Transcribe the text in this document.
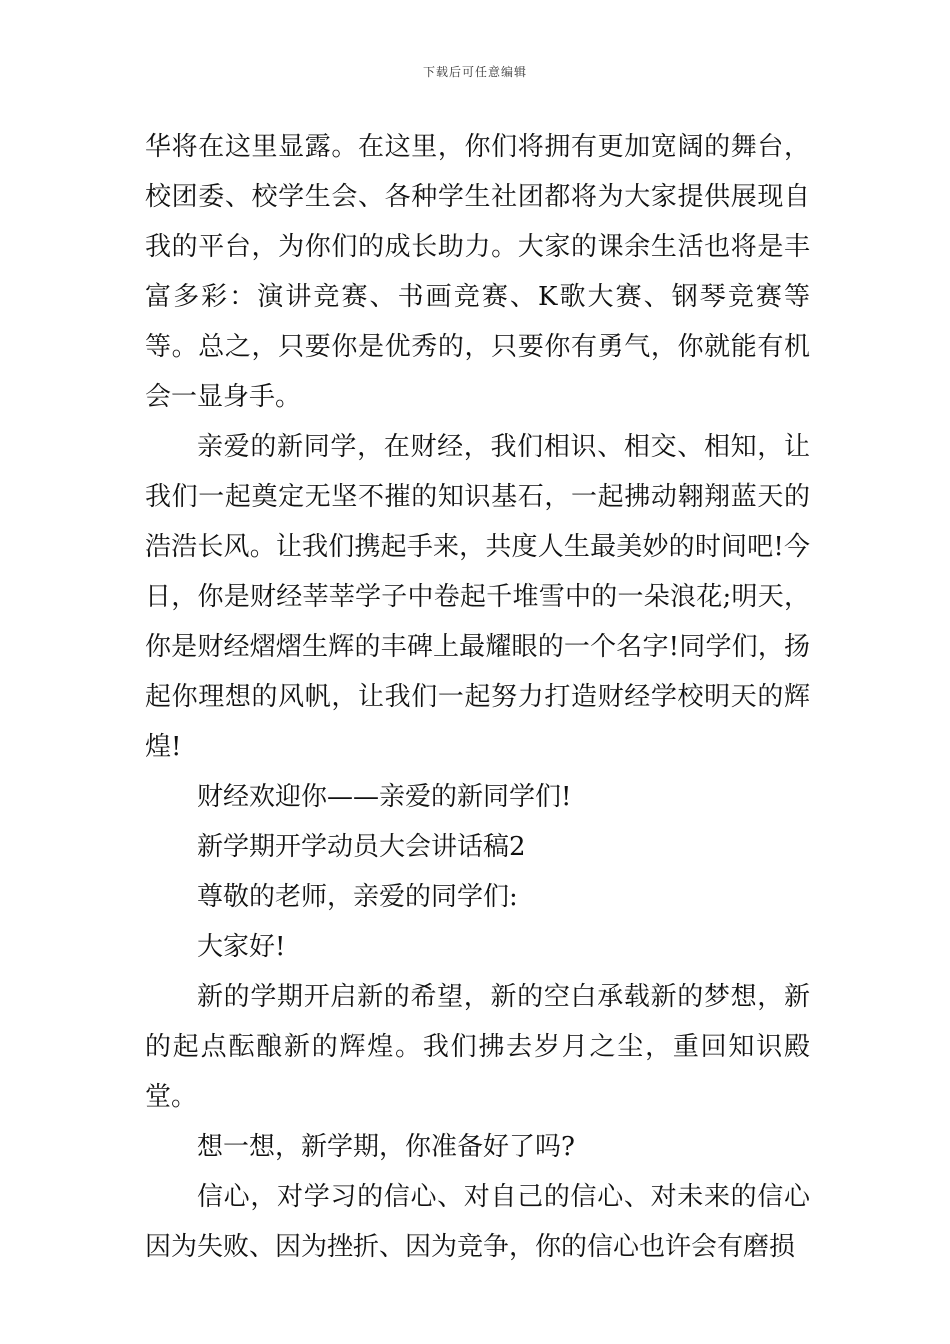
下载后可任意编辑

华将在这里显露。在这里，你们将拥有更加宽阔的舞台，校团委、校学生会、各种学生社团都将为大家提供展现自我的平台，为你们的成长助力。大家的课余生活也将是丰富多彩：演讲竞赛、书画竞赛、K歌大赛、钢琴竞赛等等。总之，只要你是优秀的，只要你有勇气，你就能有机会一显身手。

亲爱的新同学，在财经，我们相识、相交、相知，让我们一起奠定无坚不摧的知识基石，一起拂动翱翔蓝天的浩浩长风。让我们携起手来，共度人生最美妙的时间吧!今日，你是财经莘莘学子中卷起千堆雪中的一朵浪花;明天，你是财经熠熠生辉的丰碑上最耀眼的一个名字!同学们，扬起你理想的风帆，让我们一起努力打造财经学校明天的辉煌!

财经欢迎你——亲爱的新同学们!

新学期开学动员大会讲话稿2

尊敬的老师，亲爱的同学们:

大家好!

新的学期开启新的希望，新的空白承载新的梦想，新的起点酝酿新的辉煌。我们拂去岁月之尘，重回知识殿堂。

想一想，新学期，你准备好了吗?

信心，对学习的信心、对自己的信心、对未来的信心因为失败、因为挫折、因为竞争，你的信心也许会有磨损
